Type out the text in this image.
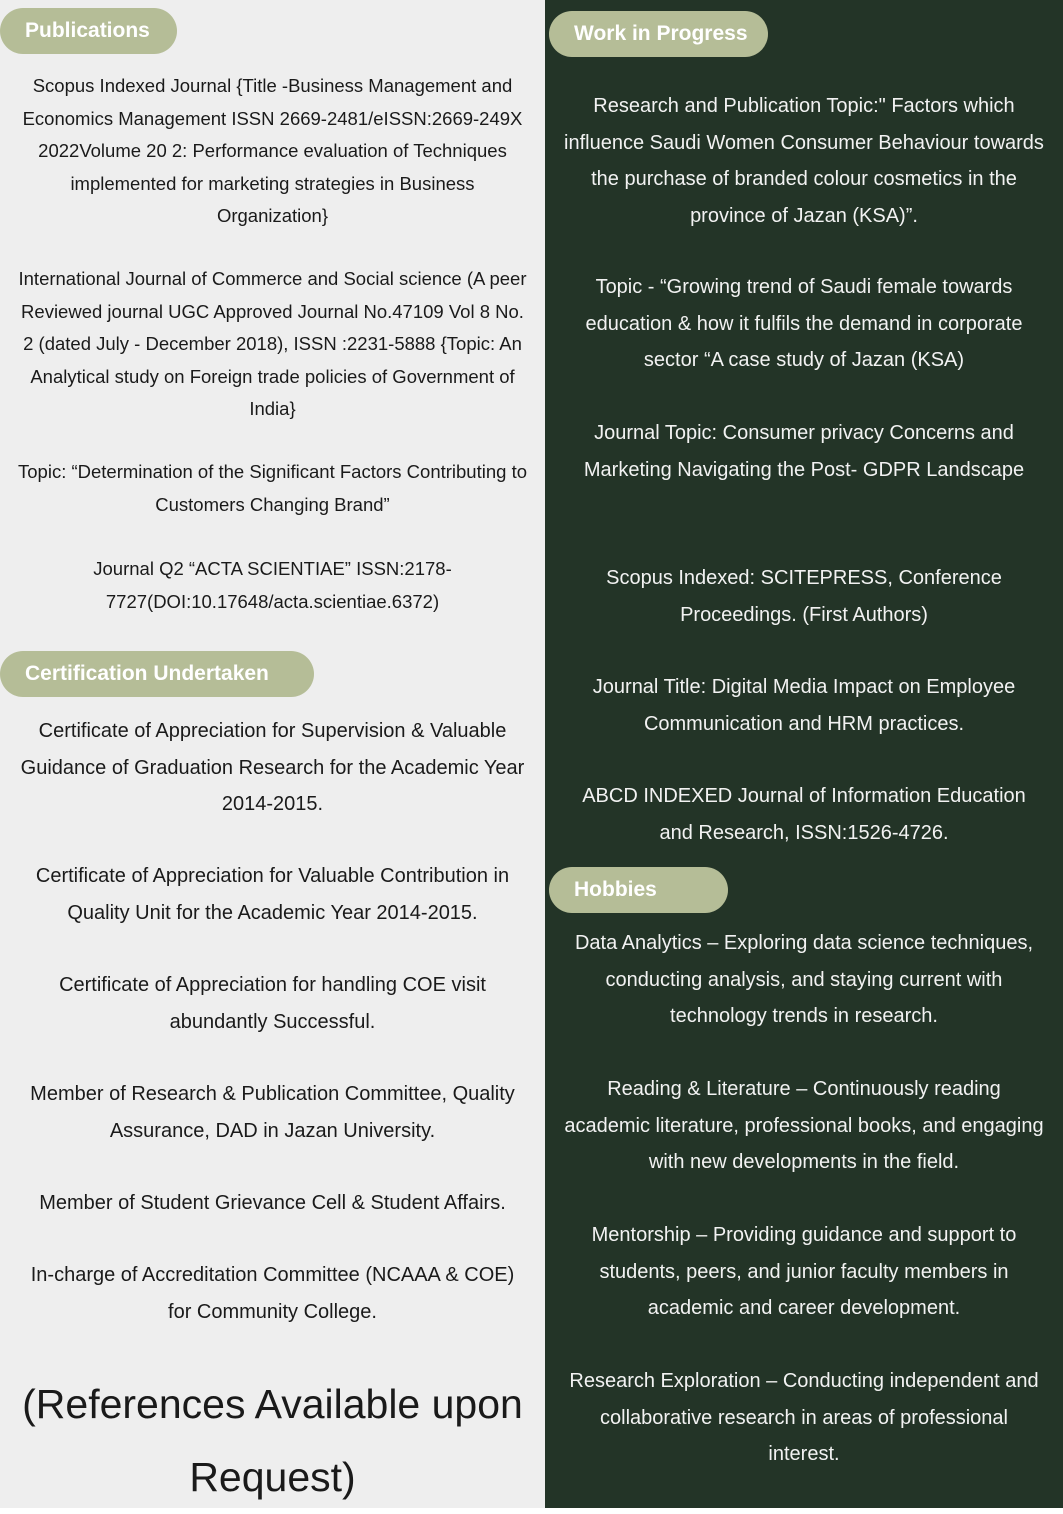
Publications
Scopus Indexed Journal {Title -Business Management and
Economics Management ISSN 2669-2481/eISSN:2669-249X
2022Volume 20 2: Performance evaluation of Techniques
implemented for marketing strategies in Business
Organization}
International Journal of Commerce and Social science (A peer
Reviewed journal UGC Approved Journal No.47109 Vol 8 No.
2 (dated July - December 2018), ISSN :2231-5888 {Topic: An
Analytical study on Foreign trade policies of Government of
India}
Topic: “Determination of the Significant Factors Contributing to
Customers Changing Brand”
Journal Q2 “ACTA SCIENTIAE” ISSN:2178-
7727(DOI:10.17648/acta.scientiae.6372)
Certification Undertaken
Certificate of Appreciation for Supervision & Valuable
Guidance of Graduation Research for the Academic Year
2014-2015.
Certificate of Appreciation for Valuable Contribution in
Quality Unit for the Academic Year 2014-2015.
Certificate of Appreciation for handling COE visit
abundantly Successful.
Member of Research & Publication Committee, Quality
Assurance, DAD in Jazan University.
Member of Student Grievance Cell & Student Affairs.
In-charge of Accreditation Committee (NCAAA & COE)
for Community College.
(References Available upon
Request)
Work in Progress
Research and Publication Topic:" Factors which
influence Saudi Women Consumer Behaviour towards
the purchase of branded colour cosmetics in the
province of Jazan (KSA)”.
Topic - “Growing trend of Saudi female towards
education & how it fulfils the demand in corporate
sector “A case study of Jazan (KSA)
Journal Topic: Consumer privacy Concerns and
Marketing Navigating the Post- GDPR Landscape
Scopus Indexed: SCITEPRESS, Conference
Proceedings. (First Authors)
Journal Title: Digital Media Impact on Employee
Communication and HRM practices.
ABCD INDEXED Journal of Information Education
and Research, ISSN:1526-4726.
Hobbies
Data Analytics – Exploring data science techniques,
conducting analysis, and staying current with
technology trends in research.
Reading & Literature – Continuously reading
academic literature, professional books, and engaging
with new developments in the field.
Mentorship – Providing guidance and support to
students, peers, and junior faculty members in
academic and career development.
Research Exploration – Conducting independent and
collaborative research in areas of professional
interest.
